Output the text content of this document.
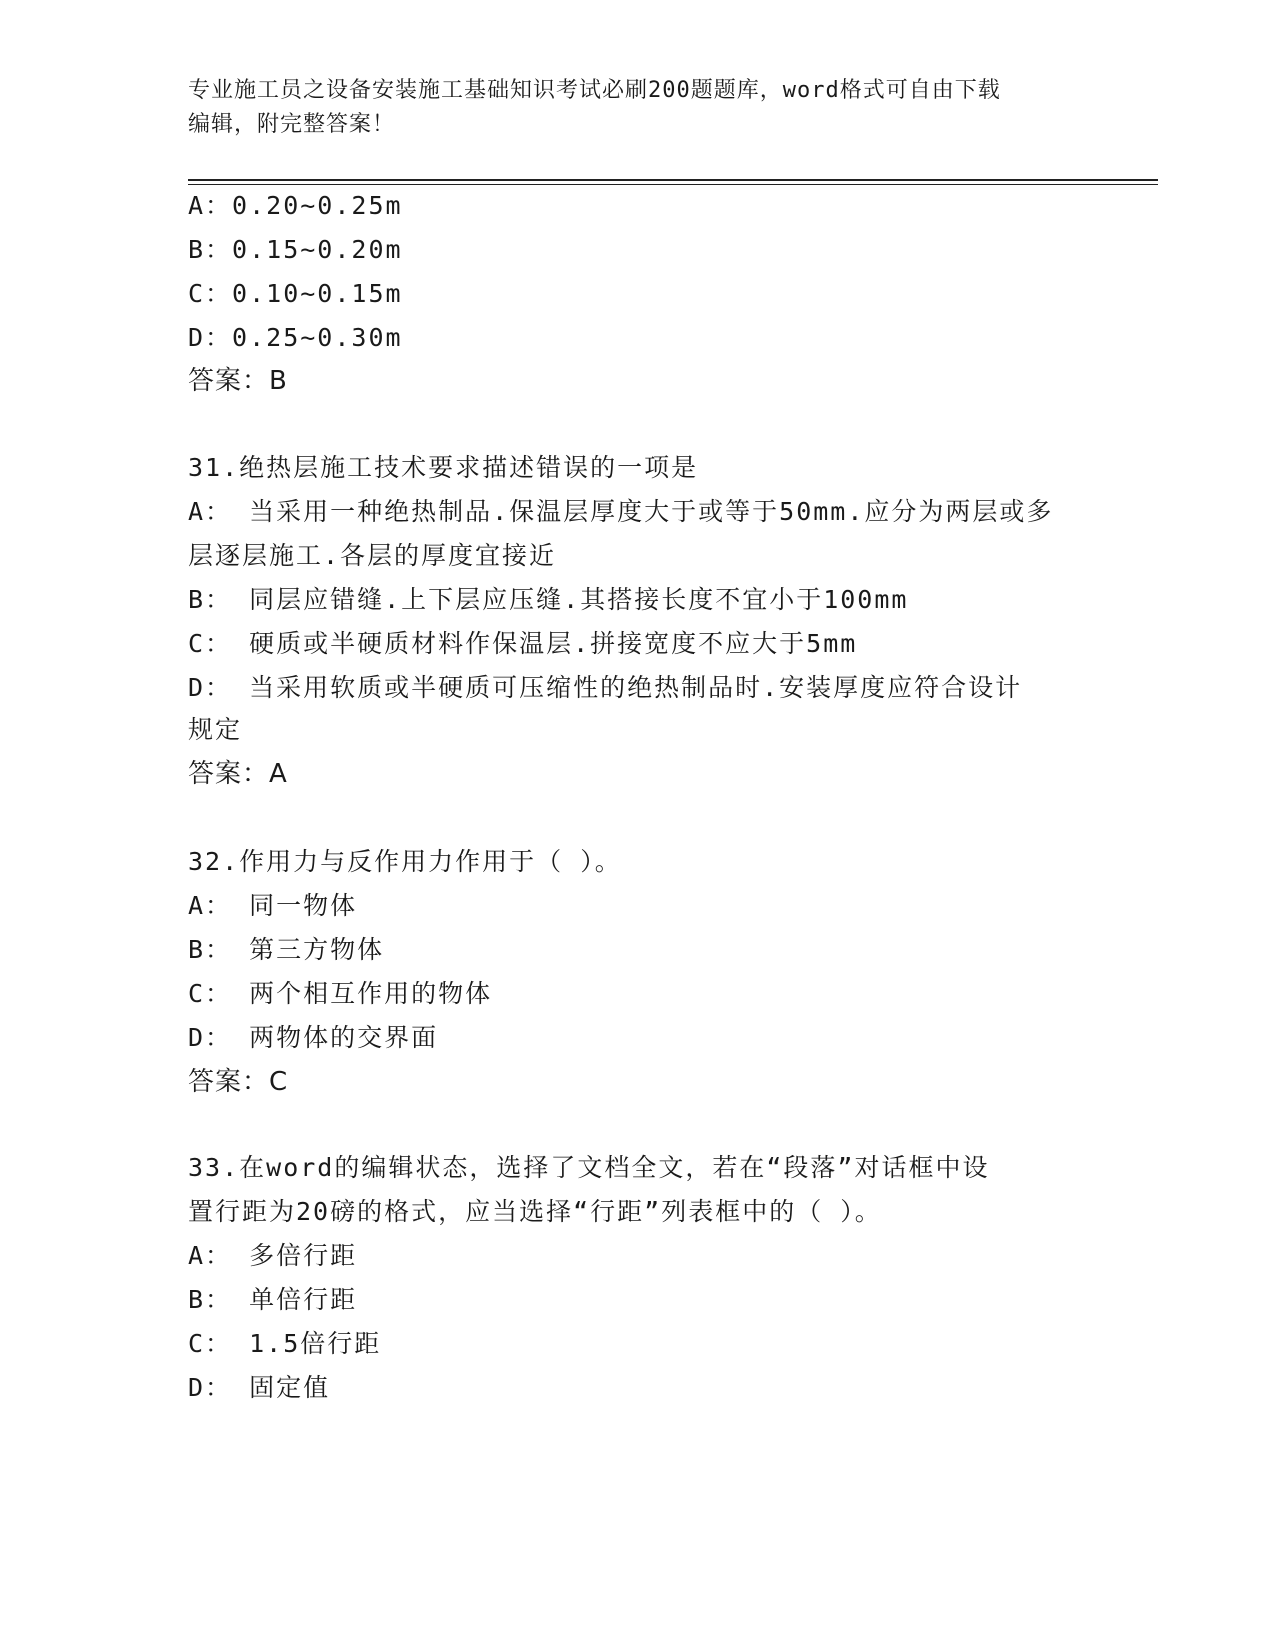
专业施工员之设备安装施工基础知识考试必刷200题题库，word格式可自由下载
编辑，附完整答案！
A：0.20~0.25m
B：0.15~0.20m
C：0.10~0.15m
D：0.25~0.30m
答案：B
31.绝热层施工技术要求描述错误的一项是
A： 当采用一种绝热制品.保温层厚度大于或等于50mm.应分为两层或多
层逐层施工.各层的厚度宜接近
B： 同层应错缝.上下层应压缝.其搭接长度不宜小于100mm
C： 硬质或半硬质材料作保温层.拼接宽度不应大于5mm
D： 当采用软质或半硬质可压缩性的绝热制品时.安装厚度应符合设计
规定
答案：A
32.作用力与反作用力作用于（ ）。
A： 同一物体
B： 第三方物体
C： 两个相互作用的物体
D： 两物体的交界面
答案：C
33.在word的编辑状态，选择了文档全文，若在“段落”对话框中设
置行距为20磅的格式，应当选择“行距”列表框中的（ ）。
A： 多倍行距
B： 单倍行距
C： 1.5倍行距
D： 固定值
